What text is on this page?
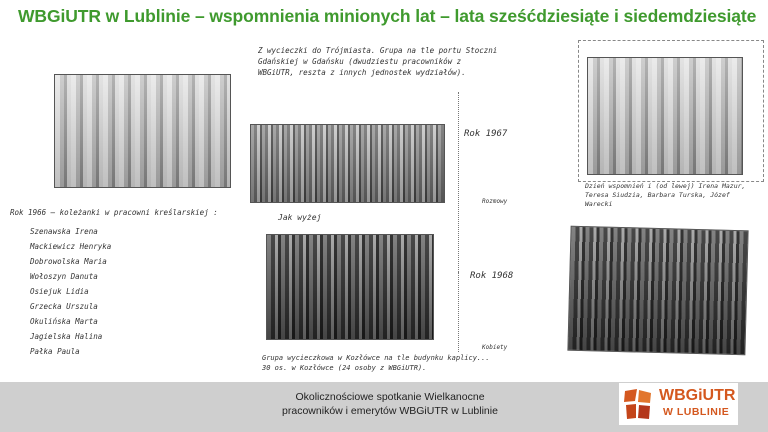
WBGiUTR w Lublinie – wspomnienia minionych lat – lata sześćdziesiąte i siedemdziesiąte
Rok 1966 – koleżanki w pracowni kreślarskiej :
Szenawska Irena
Mackiewicz Henryka
Dobrowolska Maria
Wołoszyn Danuta
Osiejuk Lidia
Grzecka Urszula
Okulińska Marta
Jagielska Halina
Pałka Paula
Z wycieczki do Trójmiasta. Grupa na tle portu Stoczni Gdańskiej w Gdańsku (dwudziestu pracowników z WBGiUTR, reszta z innych jednostek wydziałów).
Rok 1967
Rozmowy
Jak wyżej
Rok 1968
Kobiety
Grupa wycieczkowa w Kozłówce na tle budynku kaplicy... 30 os. w Kozłówce (24 osoby z WBGiUTR).
Dzień wspomnień i (od lewej) Irena Mazur, Teresa Siudzia, Barbara Turska, Józef Warecki
Okolicznościowe spotkanie Wielkanocne
pracowników i emerytów WBGiUTR w Lublinie
WBGiUTR
W LUBLINIE
